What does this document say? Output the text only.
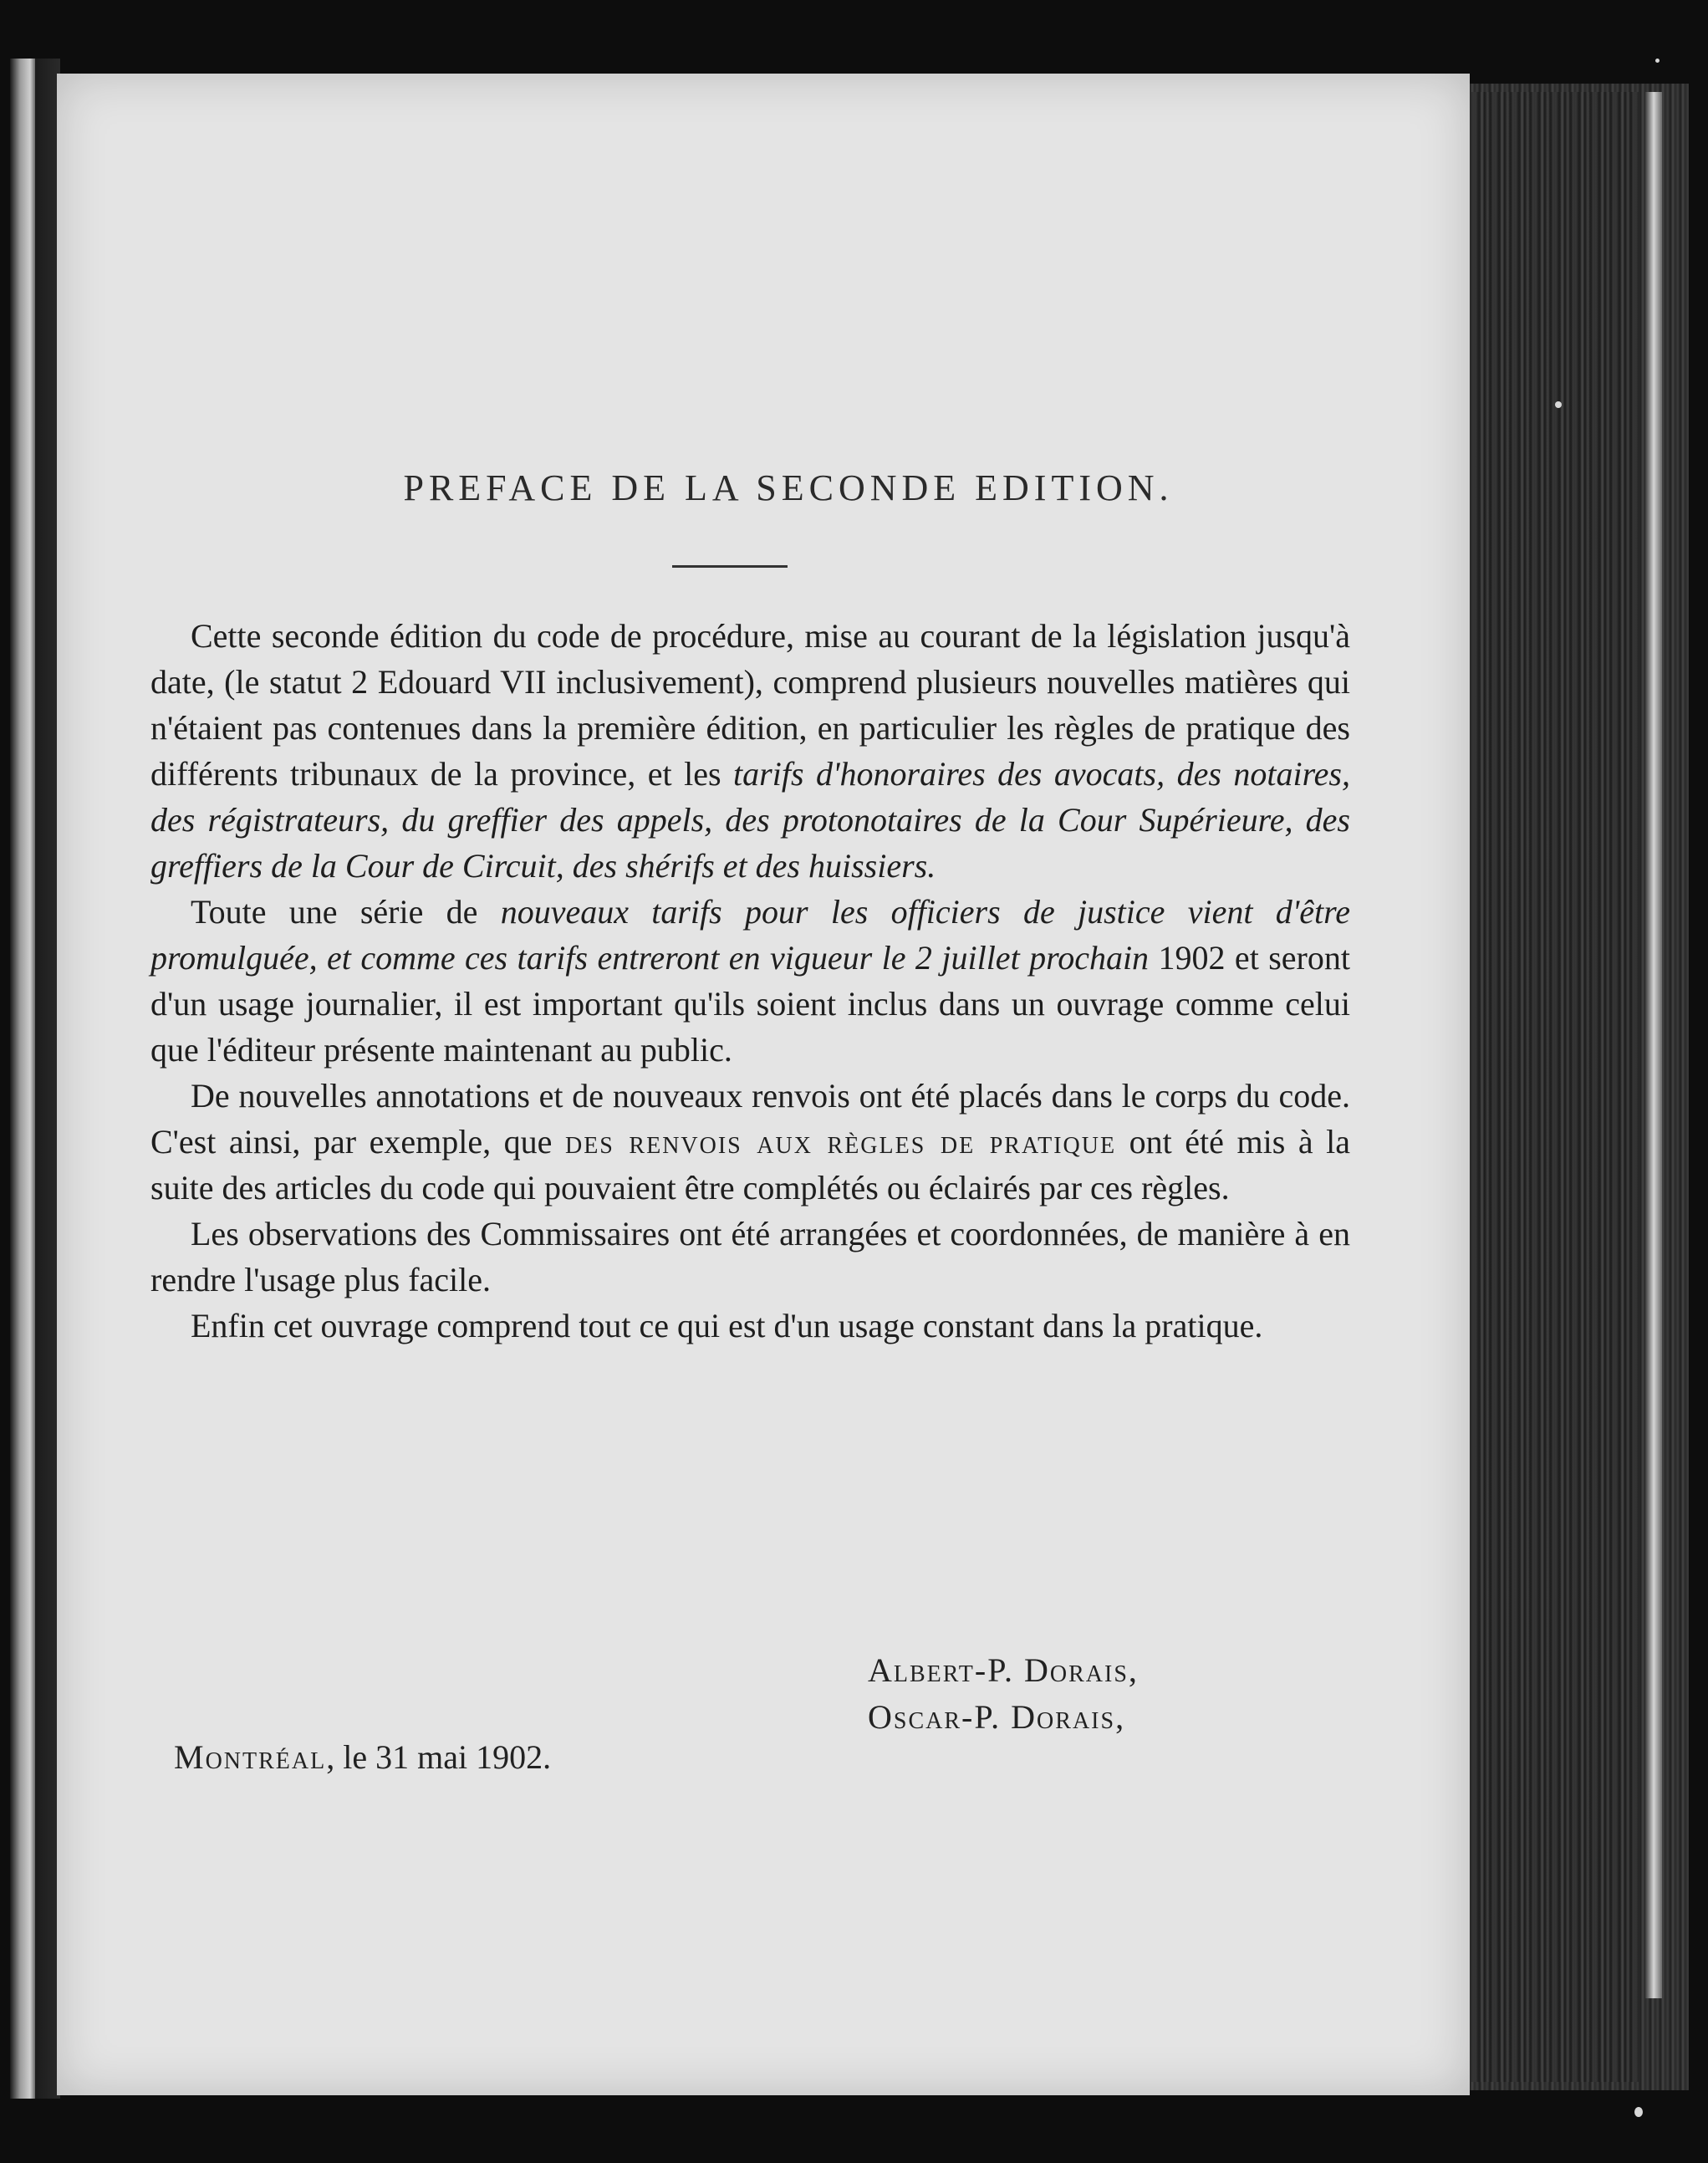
PREFACE DE LA SECONDE EDITION.

Cette seconde édition du code de procédure, mise au courant de la législation jusqu'à date, (le statut 2 Edouard VII inclusivement), comprend plusieurs nouvelles matières qui n'étaient pas contenues dans la première édition, en particulier les règles de pratique des différents tribunaux de la province, et les tarifs d'honoraires des avocats, des notaires, des régistrateurs, du greffier des appels, des protonotaires de la Cour Supérieure, des greffiers de la Cour de Circuit, des shérifs et des huissiers.

Toute une série de nouveaux tarifs pour les officiers de justice vient d'être promulguée, et comme ces tarifs entreront en vigueur le 2 juillet prochain 1902 et seront d'un usage journalier, il est important qu'ils soient inclus dans un ouvrage comme celui que l'éditeur présente maintenant au public.

De nouvelles annotations et de nouveaux renvois ont été placés dans le corps du code. C'est ainsi, par exemple, que des renvois aux règles de pratique ont été mis à la suite des articles du code qui pouvaient être complétés ou éclairés par ces règles.

Les observations des Commissaires ont été arrangées et coordonnées, de manière à en rendre l'usage plus facile.

Enfin cet ouvrage comprend tout ce qui est d'un usage constant dans la pratique.

Albert-P. Dorais,
Oscar-P. Dorais,
Montréal, le 31 mai 1902.
